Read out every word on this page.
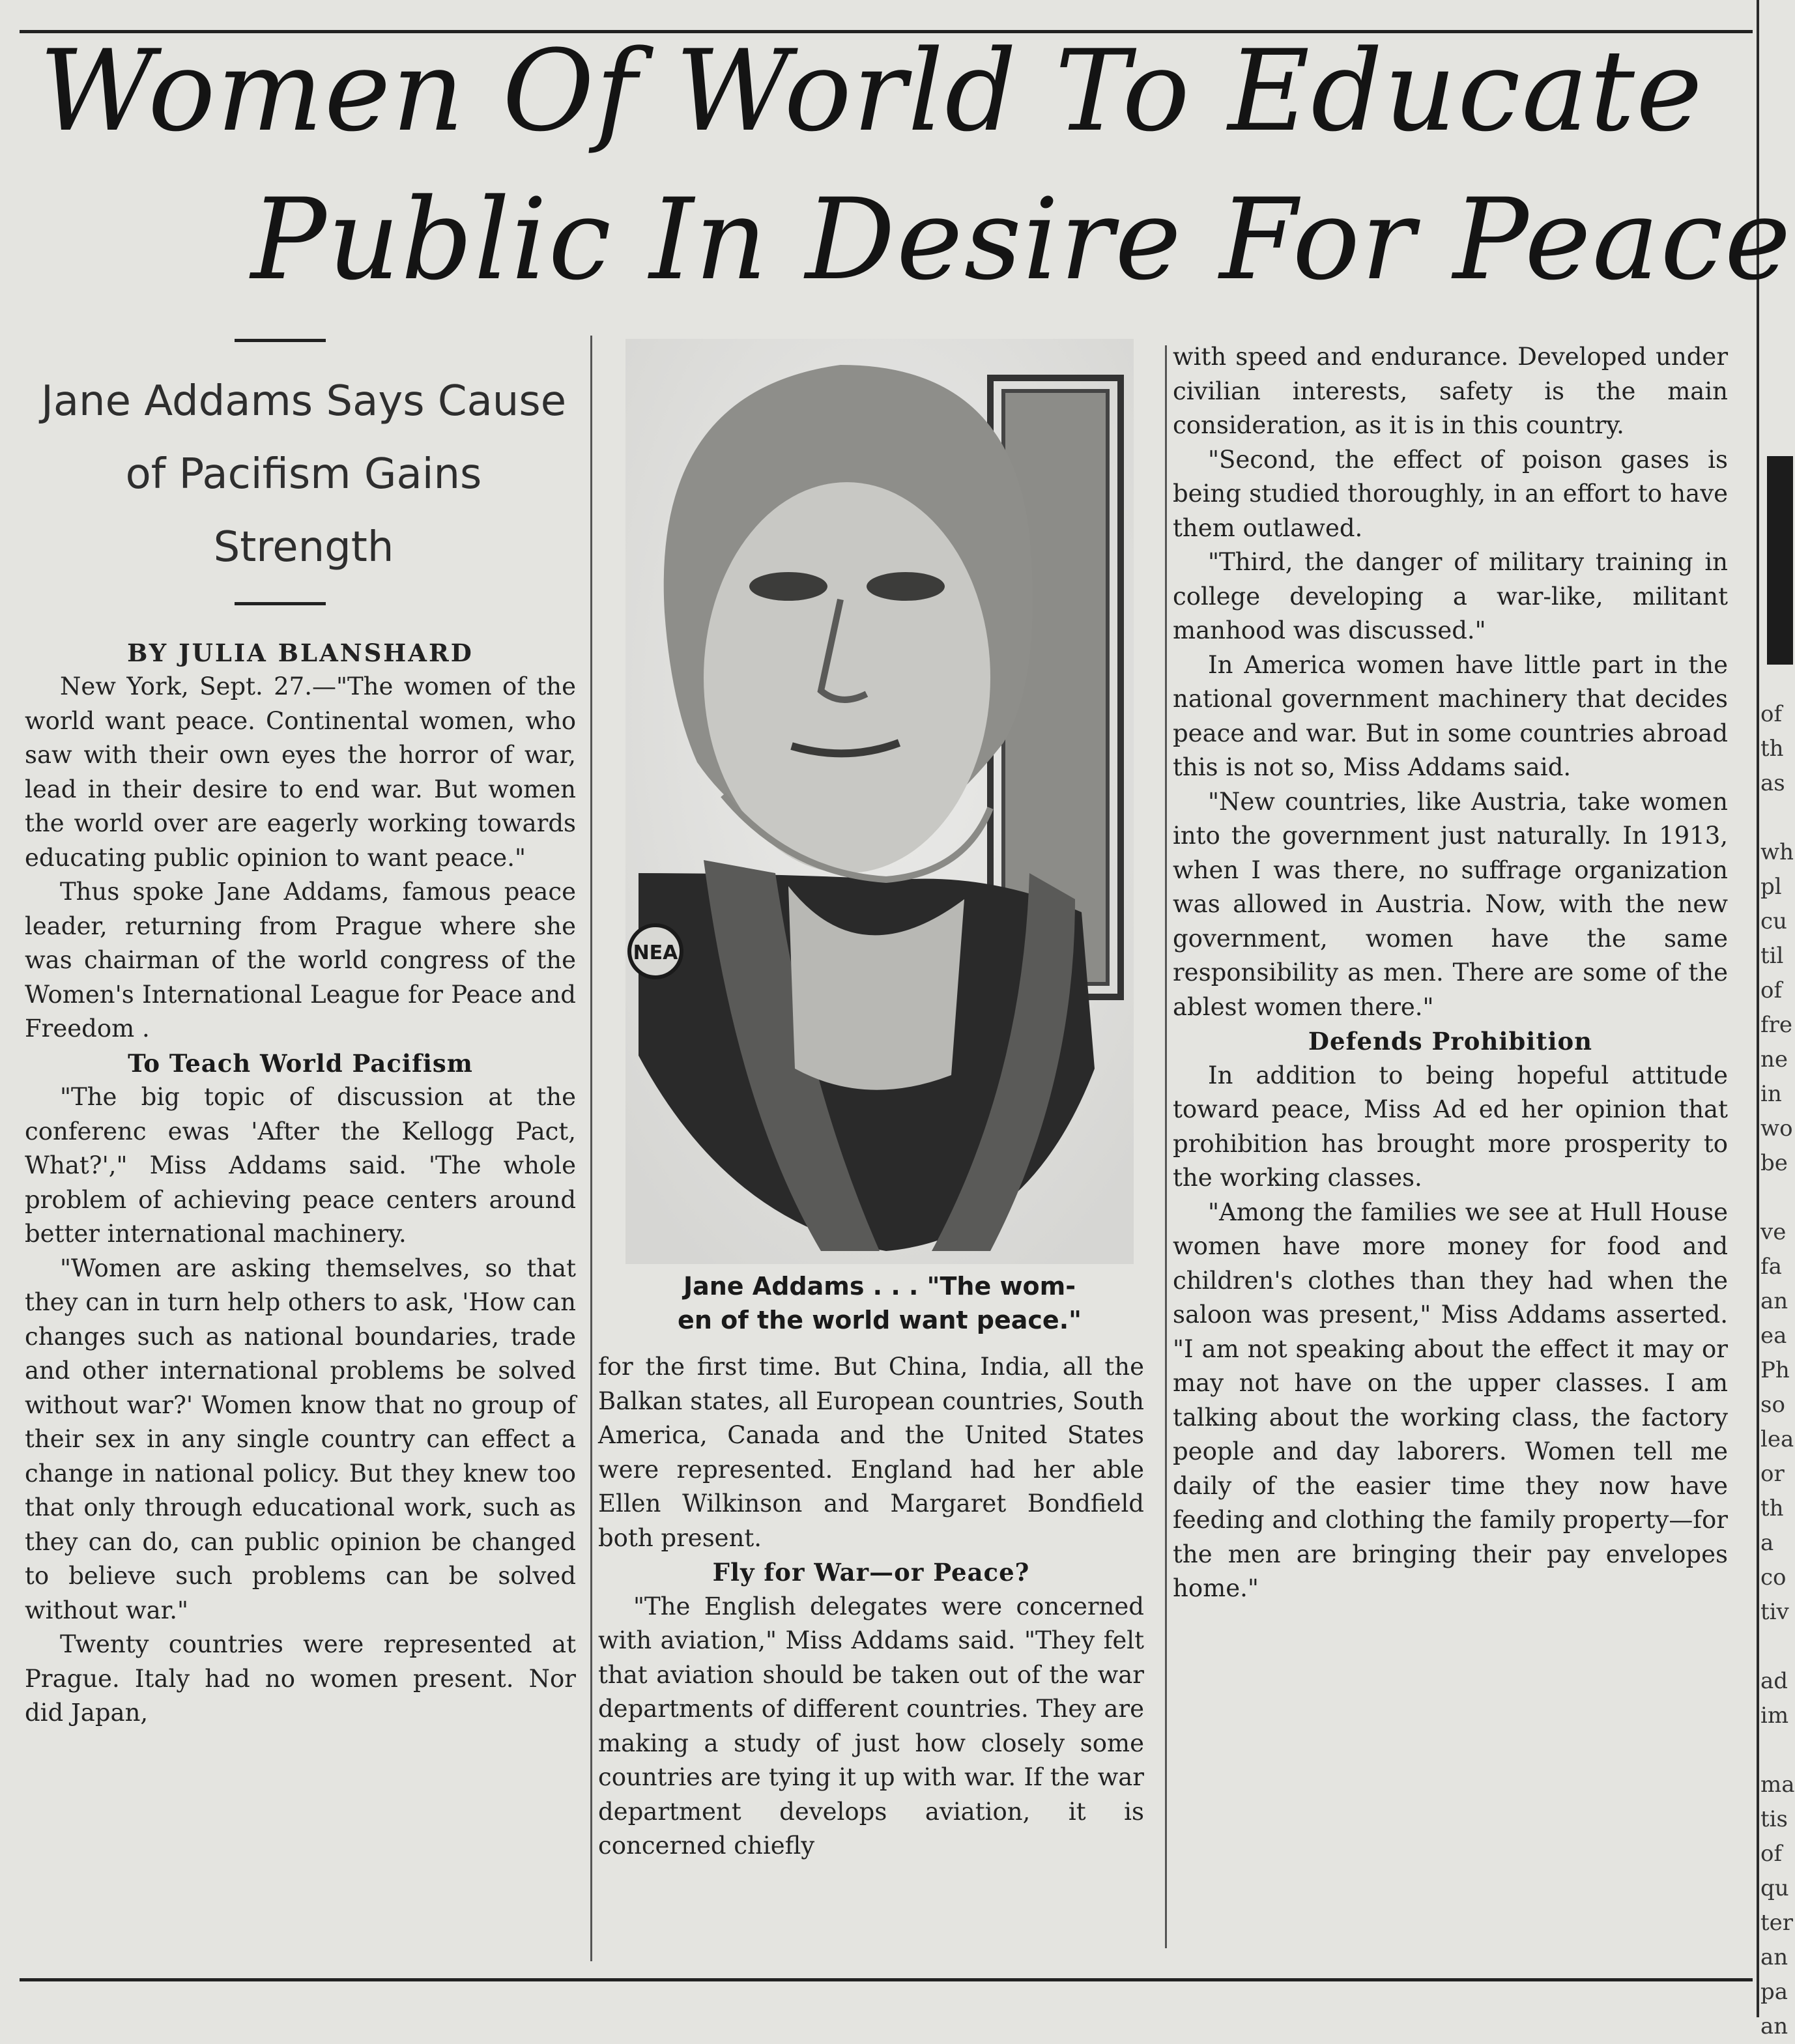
Women Of World To Educate
Public In Desire For Peace
Jane Addams Says Cause
of Pacifism Gains
Strength
BY JULIA BLANSHARD

New York, Sept. 27.—"The women of the world want peace. Continental women, who saw with their own eyes the horror of war, lead in their desire to end war. But women the world over are eagerly working towards educating public opinion to want peace."

Thus spoke Jane Addams, famous peace leader, returning from Prague where she was chairman of the world congress of the Women's International League for Peace and Freedom .

To Teach World Pacifism

"The big topic of discussion at the conferenc ewas 'After the Kellogg Pact, What?'," Miss Addams said. 'The whole problem of achieving peace centers around better international machinery.

"Women are asking themselves, so that they can in turn help others to ask, 'How can changes such as national boundaries, trade and other international problems be solved without war?' Women know that no group of their sex in any single country can effect a change in national policy. But they knew too that only through educational work, such as they can do, can public opinion be changed to believe such problems can be solved without war."

Twenty countries were represented at Prague. Italy had no women present. Nor did Japan,

NEA
Jane Addams . . . "The wom-
en of the world want peace."

for the first time. But China, India, all the Balkan states, all European countries, South America, Canada and the United States were represented. England had her able Ellen Wilkinson and Margaret Bondfield both present.

Fly for War—or Peace?

"The English delegates were concerned with aviation," Miss Addams said. "They felt that aviation should be taken out of the war departments of different countries. They are making a study of just how closely some countries are tying it up with war. If the war department develops aviation, it is concerned chiefly

with speed and endurance. Developed under civilian interests, safety is the main consideration, as it is in this country.

"Second, the effect of poison gases is being studied thoroughly, in an effort to have them outlawed.

"Third, the danger of military training in college developing a war-like, militant manhood was discussed."

In America women have little part in the national government machinery that decides peace and war. But in some countries abroad this is not so, Miss Addams said.

"New countries, like Austria, take women into the government just naturally. In 1913, when I was there, no suffrage organization was allowed in Austria. Now, with the new government, women have the same responsibility as men. There are some of the ablest women there."

Defends Prohibition

In addition to being hopeful attitude toward peace, Miss Ad ed her opinion that prohibition has brought more prosperity to the working classes.

"Among the families we see at Hull House women have more money for food and children's clothes than they had when the saloon was present," Miss Addams asserted. "I am not speaking about the effect it may or may not have on the upper classes. I am talking about the working class, the factory people and day laborers. Women tell me daily of the easier time they now have feeding and clothing the family property—for the men are bringing their pay envelopes home."

of
th
as

wh
pl
cu
til
of
fre
ne
in
wo
be

ve
fa
an
ea
Ph
so
lea
or
th
a
co
tiv

ad
im

ma
tis
of
qu
ter
an
pa
an
